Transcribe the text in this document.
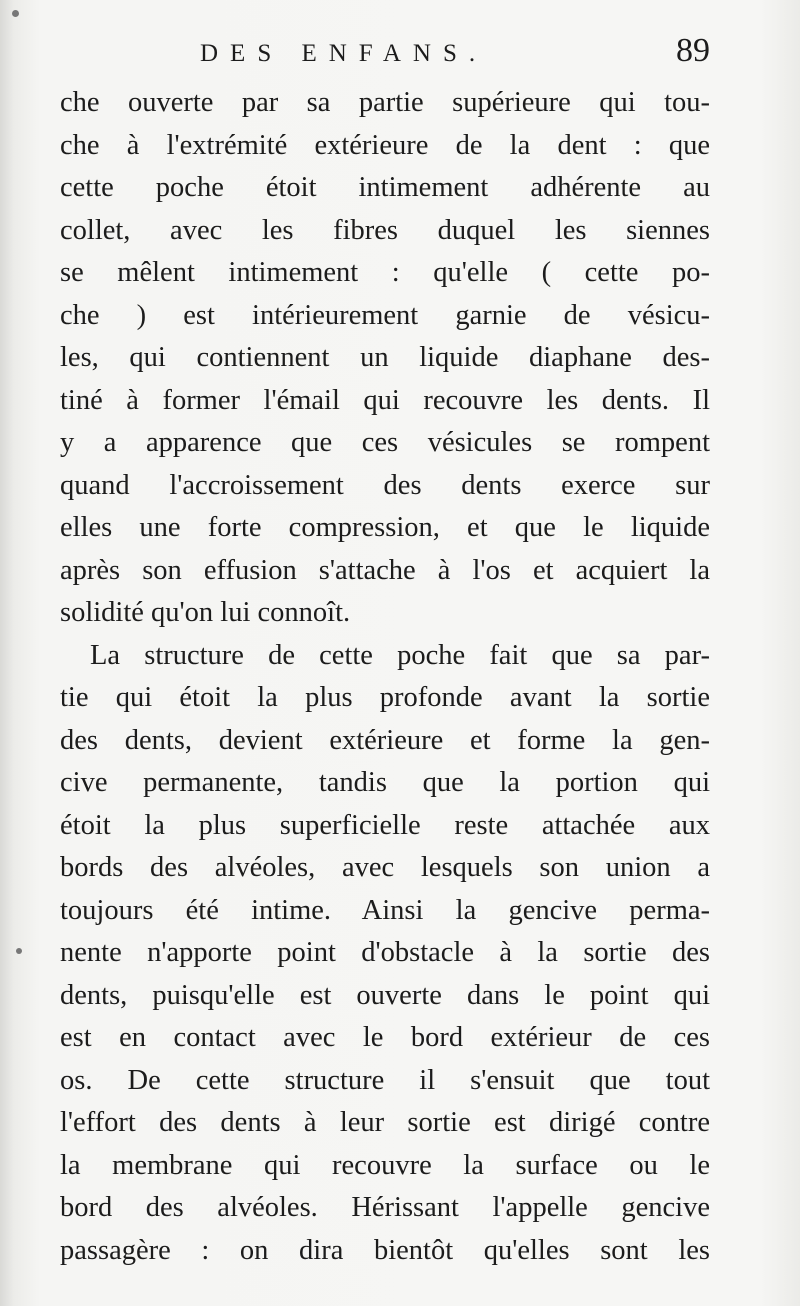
DES ENFANS.	89
che ouverte par sa partie supérieure qui tou-
che à l'extrémité extérieure de la dent : que
cette poche étoit intimement adhérente au
collet, avec les fibres duquel les siennes
se mêlent intimement : qu'elle ( cette po-
che ) est intérieurement garnie de vésicu-
les, qui contiennent un liquide diaphane des-
tiné à former l'émail qui recouvre les dents. Il
y a apparence que ces vésicules se rompent
quand l'accroissement des dents exerce sur
elles une forte compression, et que le liquide
après son effusion s'attache à l'os et acquiert la
solidité qu'on lui connoît.
La structure de cette poche fait que sa par-
tie qui étoit la plus profonde avant la sortie
des dents, devient extérieure et forme la gen-
cive permanente, tandis que la portion qui
étoit la plus superficielle reste attachée aux
bords des alvéoles, avec lesquels son union a
toujours été intime. Ainsi la gencive perma-
nente n'apporte point d'obstacle à la sortie des
dents, puisqu'elle est ouverte dans le point qui
est en contact avec le bord extérieur de ces
os. De cette structure il s'ensuit que tout
l'effort des dents à leur sortie est dirigé contre
la membrane qui recouvre la surface ou le
bord des alvéoles. Hérissant l'appelle gencive
passagère : on dira bientôt qu'elles sont les
